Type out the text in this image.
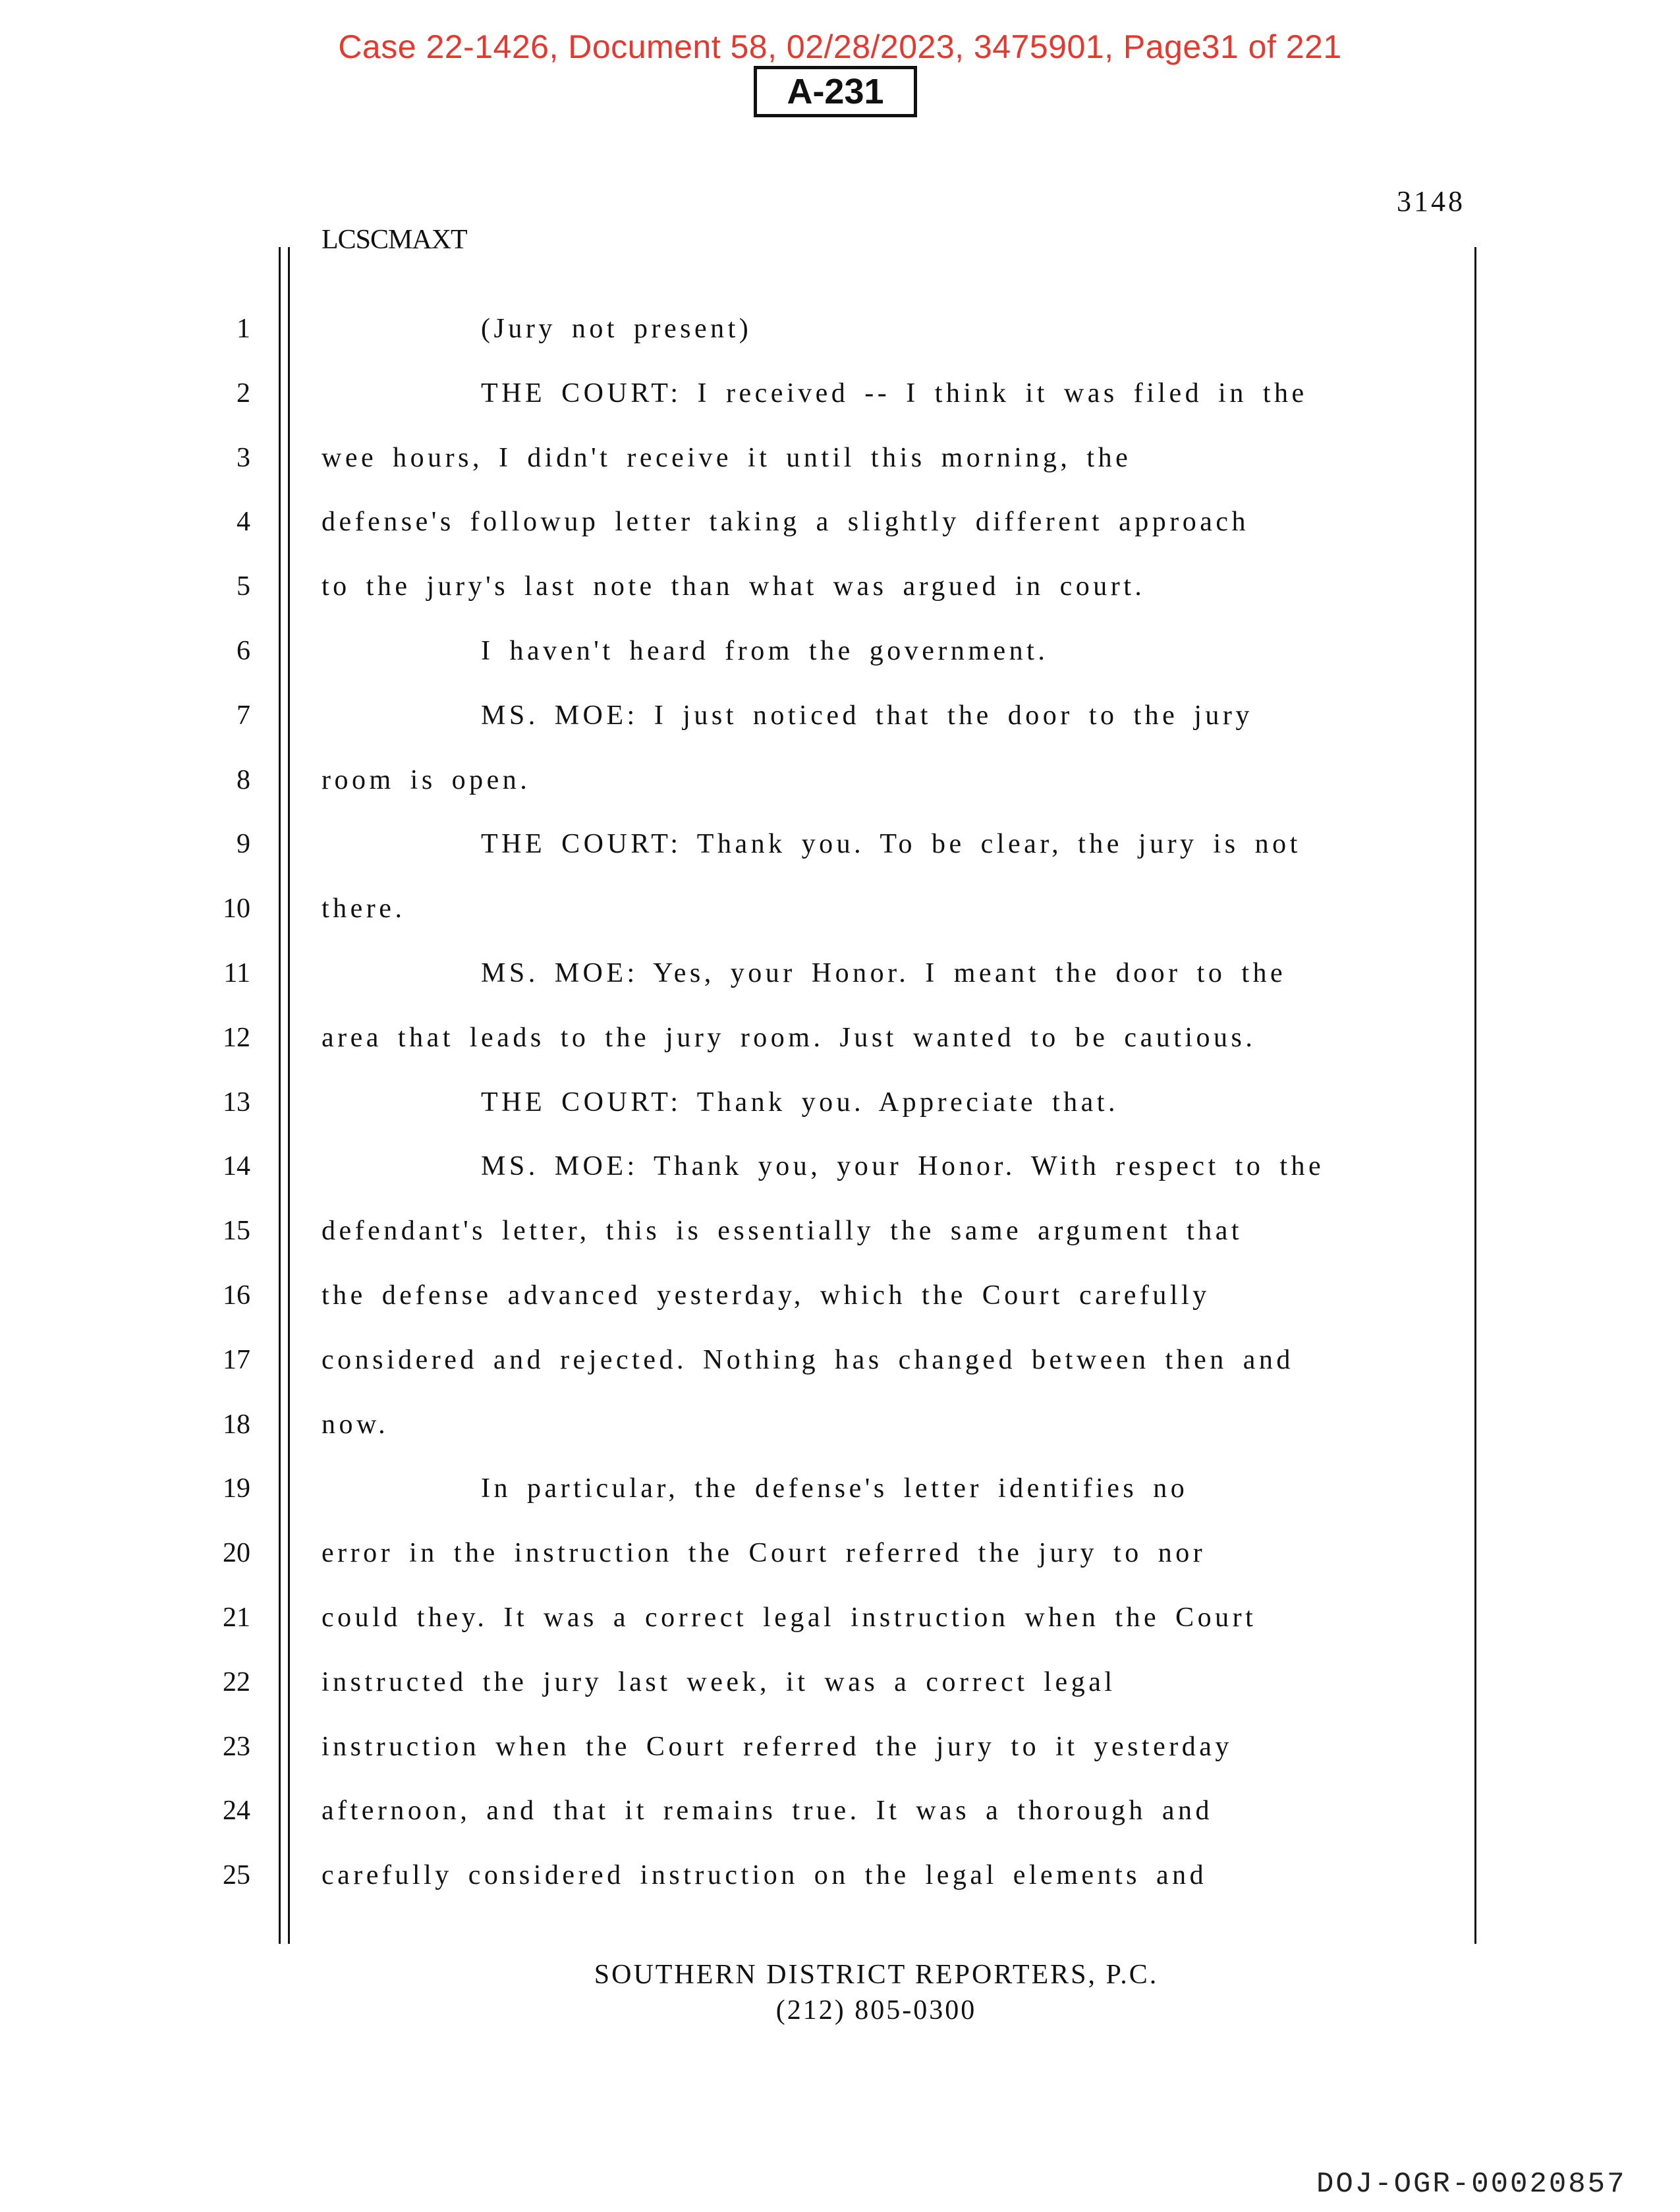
Case 22-1426, Document 58, 02/28/2023, 3475901, Page31 of 221
A-231
3148
LCSCMAXT
1	(Jury not present)
2	THE COURT: I received -- I think it was filed in the
3	wee hours, I didn't receive it until this morning, the
4	defense's followup letter taking a slightly different approach
5	to the jury's last note than what was argued in court.
6	I haven't heard from the government.
7	MS. MOE: I just noticed that the door to the jury
8	room is open.
9	THE COURT: Thank you. To be clear, the jury is not
10	there.
11	MS. MOE: Yes, your Honor. I meant the door to the
12	area that leads to the jury room. Just wanted to be cautious.
13	THE COURT: Thank you. Appreciate that.
14	MS. MOE: Thank you, your Honor. With respect to the
15	defendant's letter, this is essentially the same argument that
16	the defense advanced yesterday, which the Court carefully
17	considered and rejected. Nothing has changed between then and
18	now.
19	In particular, the defense's letter identifies no
20	error in the instruction the Court referred the jury to nor
21	could they. It was a correct legal instruction when the Court
22	instructed the jury last week, it was a correct legal
23	instruction when the Court referred the jury to it yesterday
24	afternoon, and that it remains true. It was a thorough and
25	carefully considered instruction on the legal elements and
SOUTHERN DISTRICT REPORTERS, P.C.
(212) 805-0300
DOJ-OGR-00020857
